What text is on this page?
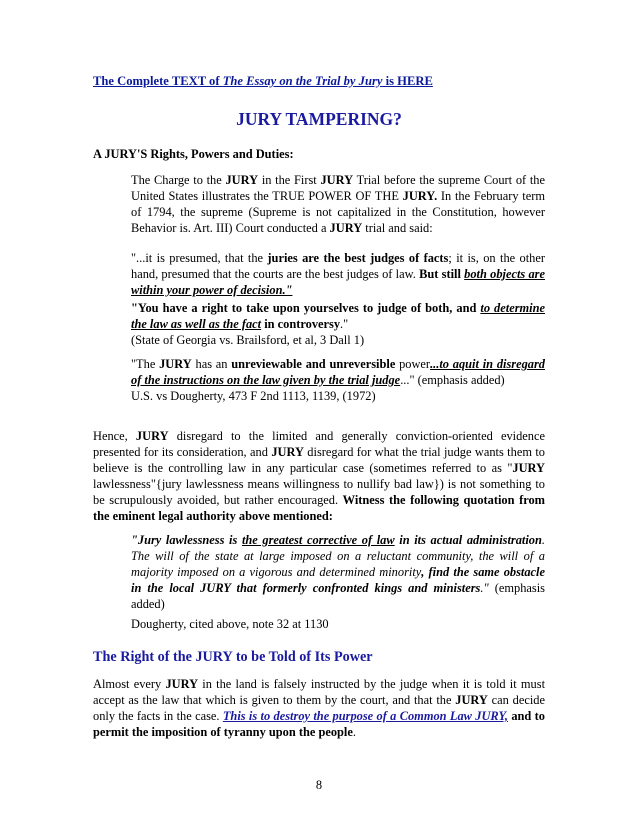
The Complete TEXT of The Essay on the Trial by Jury is HERE
JURY TAMPERING?

A JURY'S Rights, Powers and Duties:

The Charge to the JURY in the First JURY Trial before the supreme Court of the United States illustrates the TRUE POWER OF THE JURY. In the February term of 1794, the supreme (Supreme is not capitalized in the Constitution, however Behavior is. Art. III) Court conducted a JURY trial and said:

"...it is presumed, that the juries are the best judges of facts; it is, on the other hand, presumed that the courts are the best judges of law. But still both objects are within your power of decision."

"You have a right to take upon yourselves to judge of both, and to determine the law as well as the fact in controversy."
(State of Georgia vs. Brailsford, et al, 3 Dall 1)

"The JURY has an unreviewable and unreversible power...to aquit in disregard of the instructions on the law given by the trial judge..." (emphasis added)
U.S. vs Dougherty, 473 F 2nd 1113, 1139, (1972)

Hence, JURY disregard to the limited and generally conviction-oriented evidence presented for its consideration, and JURY disregard for what the trial judge wants them to believe is the controlling law in any particular case (sometimes referred to as "JURY lawlessness"{jury lawlessness means willingness to nullify bad law}) is not something to be scrupulously avoided, but rather encouraged. Witness the following quotation from the eminent legal authority above mentioned:

"Jury lawlessness is the greatest corrective of law in its actual administration. The will of the state at large imposed on a reluctant community, the will of a majority imposed on a vigorous and determined minority, find the same obstacle in the local JURY that formerly confronted kings and ministers." (emphasis added)

Dougherty, cited above, note 32 at 1130

The Right of the JURY to be Told of Its Power

Almost every JURY in the land is falsely instructed by the judge when it is told it must accept as the law that which is given to them by the court, and that the JURY can decide only the facts in the case. This is to destroy the purpose of a Common Law JURY, and to permit the imposition of tyranny upon the people.

8
